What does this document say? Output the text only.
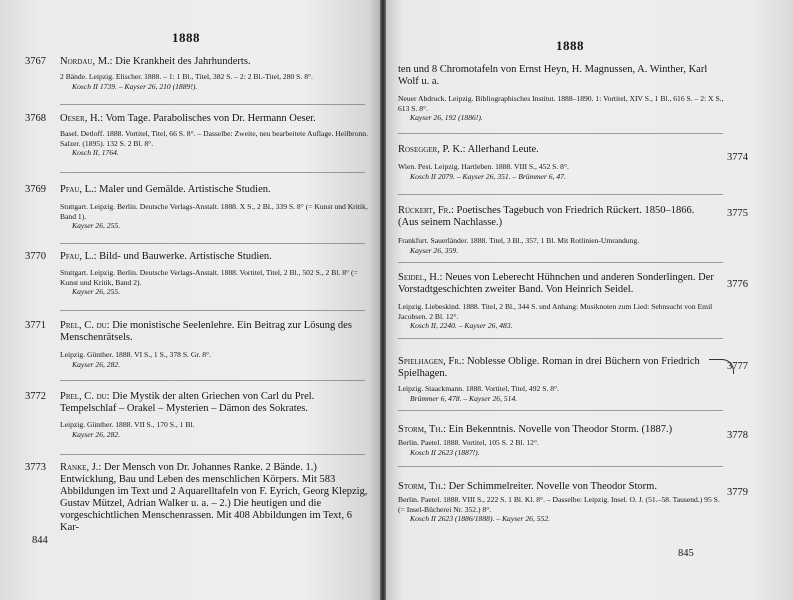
1888
3767 Nordau, M.: Die Krankheit des Jahrhunderts.
2 Bände. Leipzig. Elischer. 1888. – 1: 1 Bl., Titel, 382 S. – 2: 2 Bl.-Titel, 280 S. 8°.
Kosch II 1739. – Kayser 26, 210 (1889!).
3768 Oeser, H.: Vom Tage. Parabolisches von Dr. Hermann Oeser.
Basel. Detloff. 1888. Vortitel, Titel, 66 S. 8°. – Dasselbe: Zweite, neu bearbeitete Auflage. Heilbronn. Salzer. (1895). 132 S. 2 Bl. 8°.
Kosch II, 1764.
3769 Pfau, L.: Maler und Gemälde. Artistische Studien.
Stuttgart. Leipzig. Berlin. Deutsche Verlags-Anstalt. 1888. X S., 2 Bl., 339 S. 8° (= Kunst und Kritik, Band 1).
Kayser 26, 255.
3770 Pfau, L.: Bild- und Bauwerke. Artistische Studien.
Stuttgart. Leipzig. Berlin. Deutsche Verlags-Anstalt. 1888. Vortitel, Titel, 2 Bl., 502 S., 2 Bl. 8° (= Kunst und Kritik, Band 2).
Kayser 26, 255.
3771 Prel, C. du: Die monistische Seelenlehre. Ein Beitrag zur Lösung des Menschenrätsels.
Leipzig. Günther. 1888. VI S., 1 S., 378 S. Gr. 8°.
Kayser 26, 282.
3772 Prel, C. du: Die Mystik der alten Griechen von Carl du Prel. Tempelschlaf – Orakel – Mysterien – Dämon des Sokrates.
Leipzig. Günther. 1888. VII S., 170 S., 1 Bl.
Kayser 26, 282.
3773 Ranke, J.: Der Mensch von Dr. Johannes Ranke. 2 Bände. 1.) Entwicklung, Bau und Leben des menschlichen Körpers. Mit 583 Abbildungen im Text und 2 Aquarelltafeln von F. Eyrich, Georg Klepzig, Gustav Mützel, Adrian Walker u. a. – 2.) Die heutigen und die vorgeschichtlichen Menschenrassen. Mit 408 Abbildungen im Text, 6 Kar-
844
1888
ten und 8 Chromotafeln von Ernst Heyn, H. Magnussen, A. Winther, Karl Wolf u. a.
Neuer Abdruck. Leipzig. Bibliographisches Institut. 1888–1890. 1: Vortitel, XIV S., 1 Bl., 616 S. – 2: X S., 613 S. 8°.
Kayser 26, 192 (1886!).
3774
Rosegger, P. K.: Allerhand Leute.
Wien. Pest. Leipzig. Hartleben. 1888. VIII S., 452 S. 8°.
Kosch II 2079. – Kayser 26, 351. – Brümmer 6, 47.
3775
Rückert, Fr.: Poetisches Tagebuch von Friedrich Rückert. 1850–1866. (Aus seinem Nachlasse.)
Frankfurt. Sauerländer. 1888. Titel, 3 Bl., 357, 1 Bl. Mit Rotlinien-Umrandung.
Kayser 26, 359.
3776
Seidel, H.: Neues von Leberecht Hühnchen und anderen Sonderlingen. Der Vorstadtgeschichten zweiter Band. Von Heinrich Seidel.
Leipzig. Liebeskind. 1888. Titel, 2 Bl., 344 S. und Anhang: Musiknoten zum Lied: Sehnsucht von Emil Jacobsen. 2 Bl. 12°.
Kosch II, 2240. – Kayser 26, 483.
3777
Spielhagen, Fr.: Noblesse Oblige. Roman in drei Büchern von Friedrich Spielhagen.
Leipzig. Staackmann. 1888. Vortitel, Titel, 492 S. 8°.
Brümmer 6, 478. – Kayser 26, 514.
3778
Storm, Th.: Ein Bekenntnis. Novelle von Theodor Storm. (1887.)
Berlin. Paetel. 1888. Vortitel, 105 S. 2 Bl. 12°.
Kosch II 2623 (1887!).
3779
Storm, Th.: Der Schimmelreiter. Novelle von Theodor Storm.
Berlin. Paetel. 1888. VIII S., 222 S. 1 Bl. Kl. 8°. – Dasselbe: Leipzig. Insel. O. J. (51.–58. Tausend.) 95 S. (= Insel-Bücherei Nr. 352.) 8°.
Kosch II 2623 (1886/1888). – Kayser 26, 552.
845
